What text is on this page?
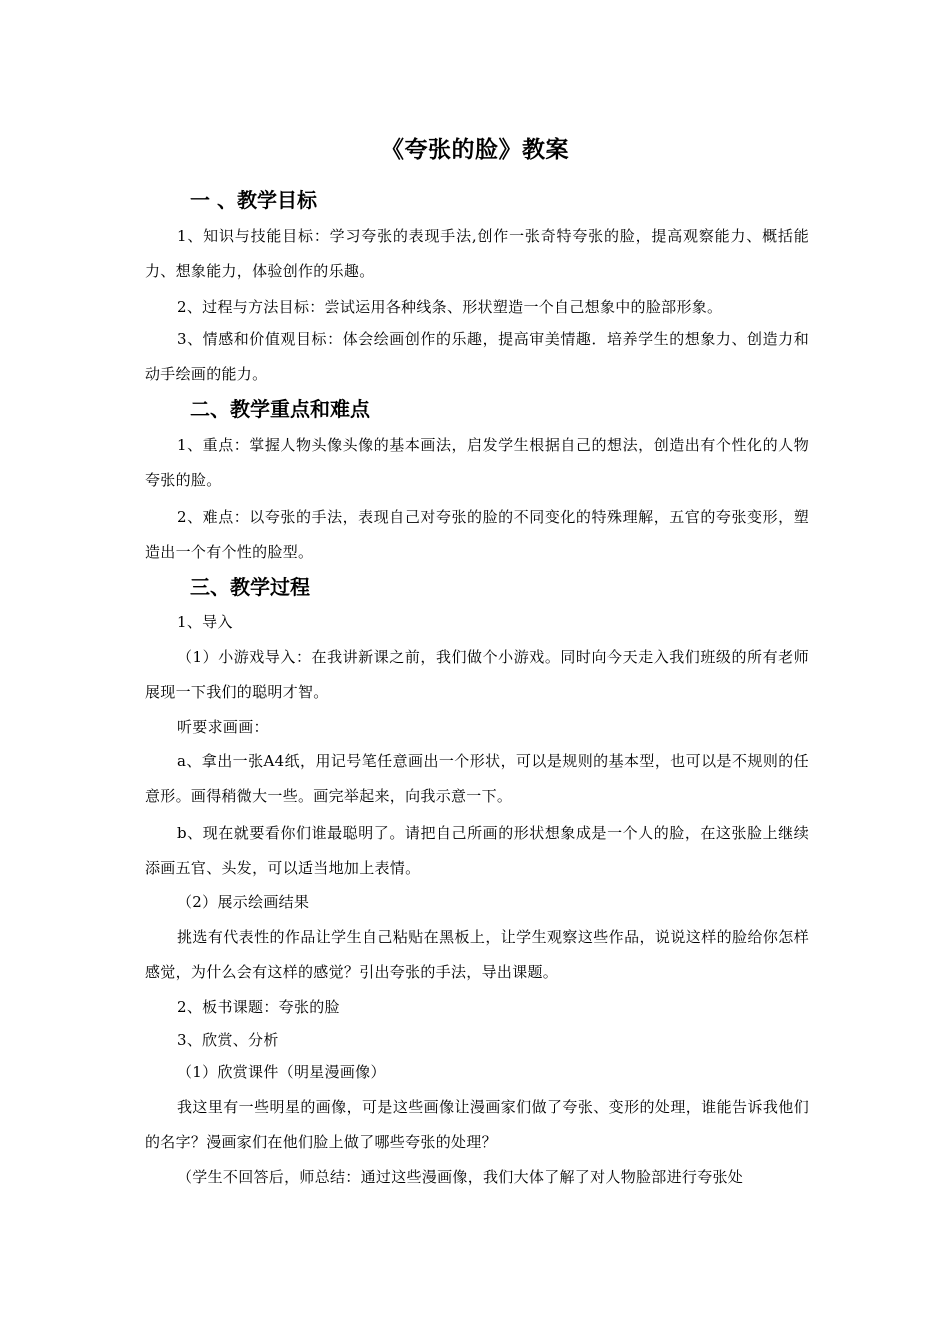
《夸张的脸》教案
一 、教学目标
1、知识与技能目标：学习夸张的表现手法,创作一张奇特夸张的脸，提高观察能力、概括能力、想象能力，体验创作的乐趣。
2、过程与方法目标：尝试运用各种线条、形状塑造一个自己想象中的脸部形象。
3、情感和价值观目标：体会绘画创作的乐趣，提高审美情趣．培养学生的想象力、创造力和动手绘画的能力。
二、教学重点和难点
1、重点：掌握人物头像头像的基本画法，启发学生根据自己的想法，创造出有个性化的人物夸张的脸。
2、难点：以夸张的手法，表现自己对夸张的脸的不同变化的特殊理解，五官的夸张变形，塑造出一个有个性的脸型。
三、教学过程
1、导入
（1）小游戏导入：在我讲新课之前，我们做个小游戏。同时向今天走入我们班级的所有老师展现一下我们的聪明才智。
听要求画画：
a、拿出一张A4纸，用记号笔任意画出一个形状，可以是规则的基本型，也可以是不规则的任意形。画得稍微大一些。画完举起来，向我示意一下。
b、现在就要看你们谁最聪明了。请把自己所画的形状想象成是一个人的脸，在这张脸上继续添画五官、头发，可以适当地加上表情。
（2）展示绘画结果
挑选有代表性的作品让学生自己粘贴在黑板上，让学生观察这些作品，说说这样的脸给你怎样感觉，为什么会有这样的感觉？引出夸张的手法，导出课题。
2、板书课题：夸张的脸
3、欣赏、分析
（1）欣赏课件（明星漫画像）
我这里有一些明星的画像，可是这些画像让漫画家们做了夸张、变形的处理，谁能告诉我他们的名字？漫画家们在他们脸上做了哪些夸张的处理？
（学生不回答后，师总结：通过这些漫画像，我们大体了解了对人物脸部进行夸张处
